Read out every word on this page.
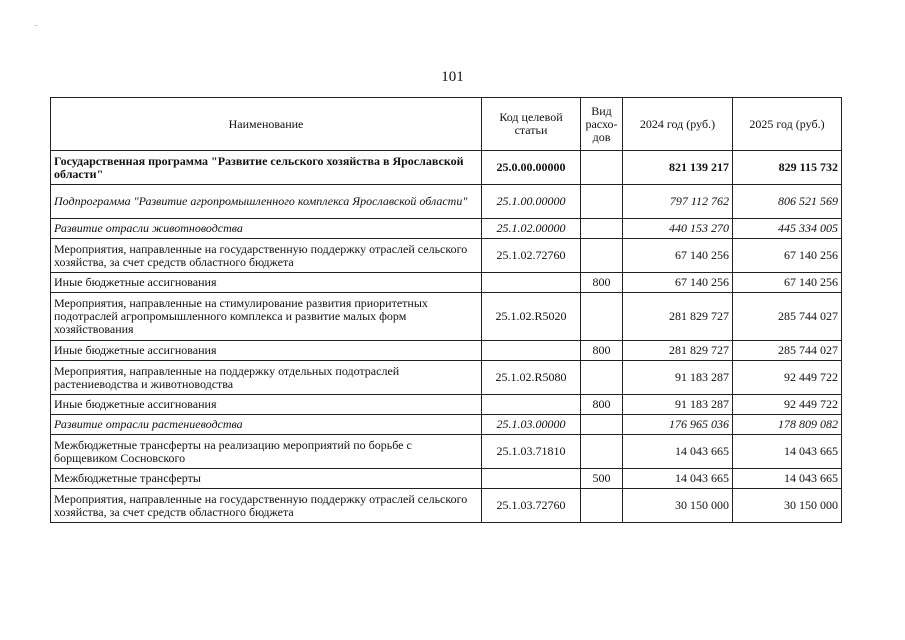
-
101
Наименование	Код целевой статьи	Вид расхо-дов	2024 год (руб.)	2025 год (руб.)
Государственная программа "Развитие сельского хозяйства в Ярославской области"	25.0.00.00000		821 139 217	829 115 732
Подпрограмма "Развитие агропромышленного комплекса Ярославской области"	25.1.00.00000		797 112 762	806 521 569
Развитие отрасли животноводства	25.1.02.00000		440 153 270	445 334 005
Мероприятия, направленные на государственную поддержку отраслей сельского хозяйства, за счет средств областного бюджета	25.1.02.72760		67 140 256	67 140 256
Иные бюджетные ассигнования		800	67 140 256	67 140 256
Мероприятия, направленные на стимулирование развития приоритетных подотраслей агропромышленного комплекса и развитие малых форм хозяйствования	25.1.02.R5020		281 829 727	285 744 027
Иные бюджетные ассигнования		800	281 829 727	285 744 027
Мероприятия, направленные на поддержку отдельных подотраслей растениеводства и животноводства	25.1.02.R5080		91 183 287	92 449 722
Иные бюджетные ассигнования		800	91 183 287	92 449 722
Развитие отрасли растениеводства	25.1.03.00000		176 965 036	178 809 082
Межбюджетные трансферты на реализацию мероприятий по борьбе с борщевиком Сосновского	25.1.03.71810		14 043 665	14 043 665
Межбюджетные трансферты		500	14 043 665	14 043 665
Мероприятия, направленные на государственную поддержку отраслей сельского хозяйства, за счет средств областного бюджета	25.1.03.72760		30 150 000	30 150 000
